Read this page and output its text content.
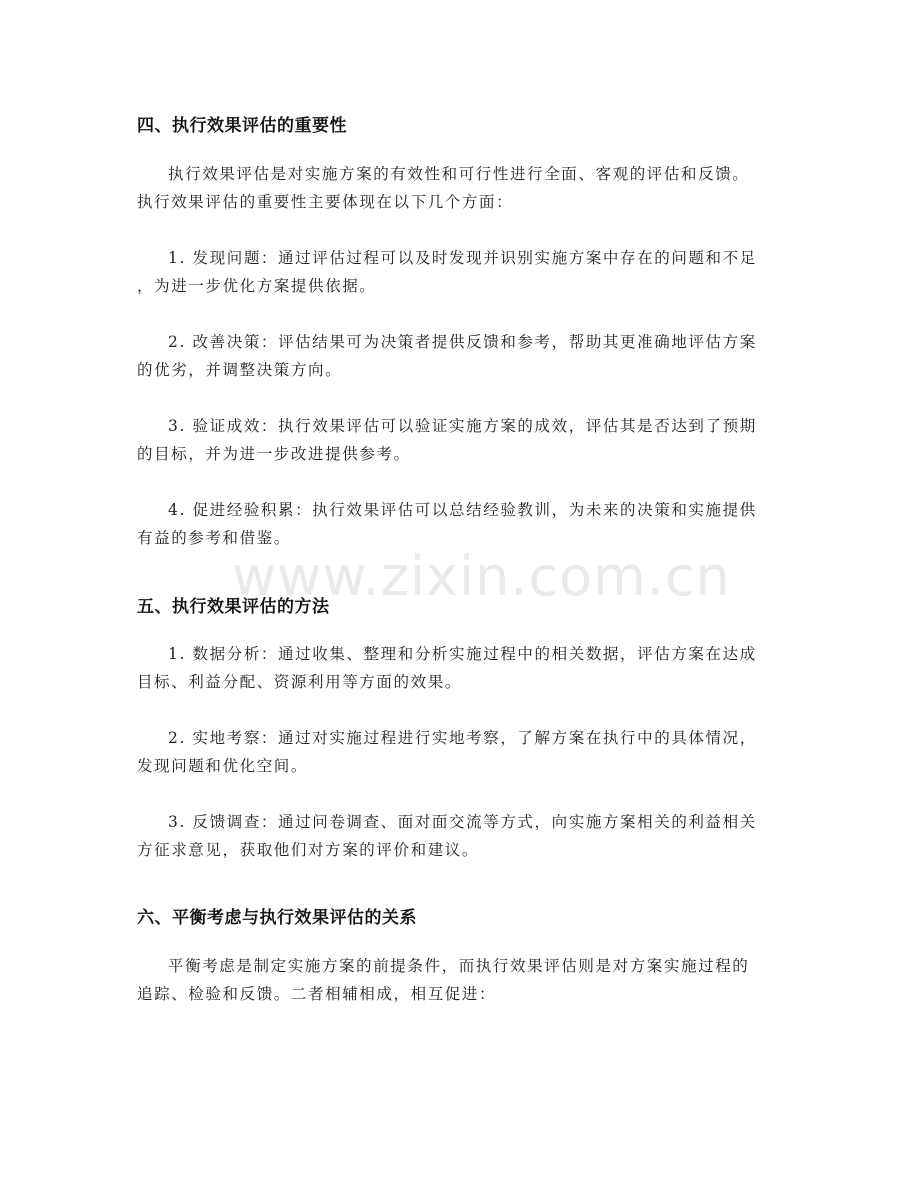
www.zixin.com.cn
四、执行效果评估的重要性
执行效果评估是对实施方案的有效性和可行性进行全面、客观的评估和反馈。
执行效果评估的重要性主要体现在以下几个方面：
1. 发现问题：通过评估过程可以及时发现并识别实施方案中存在的问题和不足
，为进一步优化方案提供依据。
2. 改善决策：评估结果可为决策者提供反馈和参考，帮助其更准确地评估方案
的优劣，并调整决策方向。
3. 验证成效：执行效果评估可以验证实施方案的成效，评估其是否达到了预期
的目标，并为进一步改进提供参考。
4. 促进经验积累：执行效果评估可以总结经验教训，为未来的决策和实施提供
有益的参考和借鉴。
五、执行效果评估的方法
1. 数据分析：通过收集、整理和分析实施过程中的相关数据，评估方案在达成
目标、利益分配、资源利用等方面的效果。
2. 实地考察：通过对实施过程进行实地考察，了解方案在执行中的具体情况，
发现问题和优化空间。
3. 反馈调查：通过问卷调查、面对面交流等方式，向实施方案相关的利益相关
方征求意见，获取他们对方案的评价和建议。
六、平衡考虑与执行效果评估的关系
平衡考虑是制定实施方案的前提条件，而执行效果评估则是对方案实施过程的
追踪、检验和反馈。二者相辅相成，相互促进：
